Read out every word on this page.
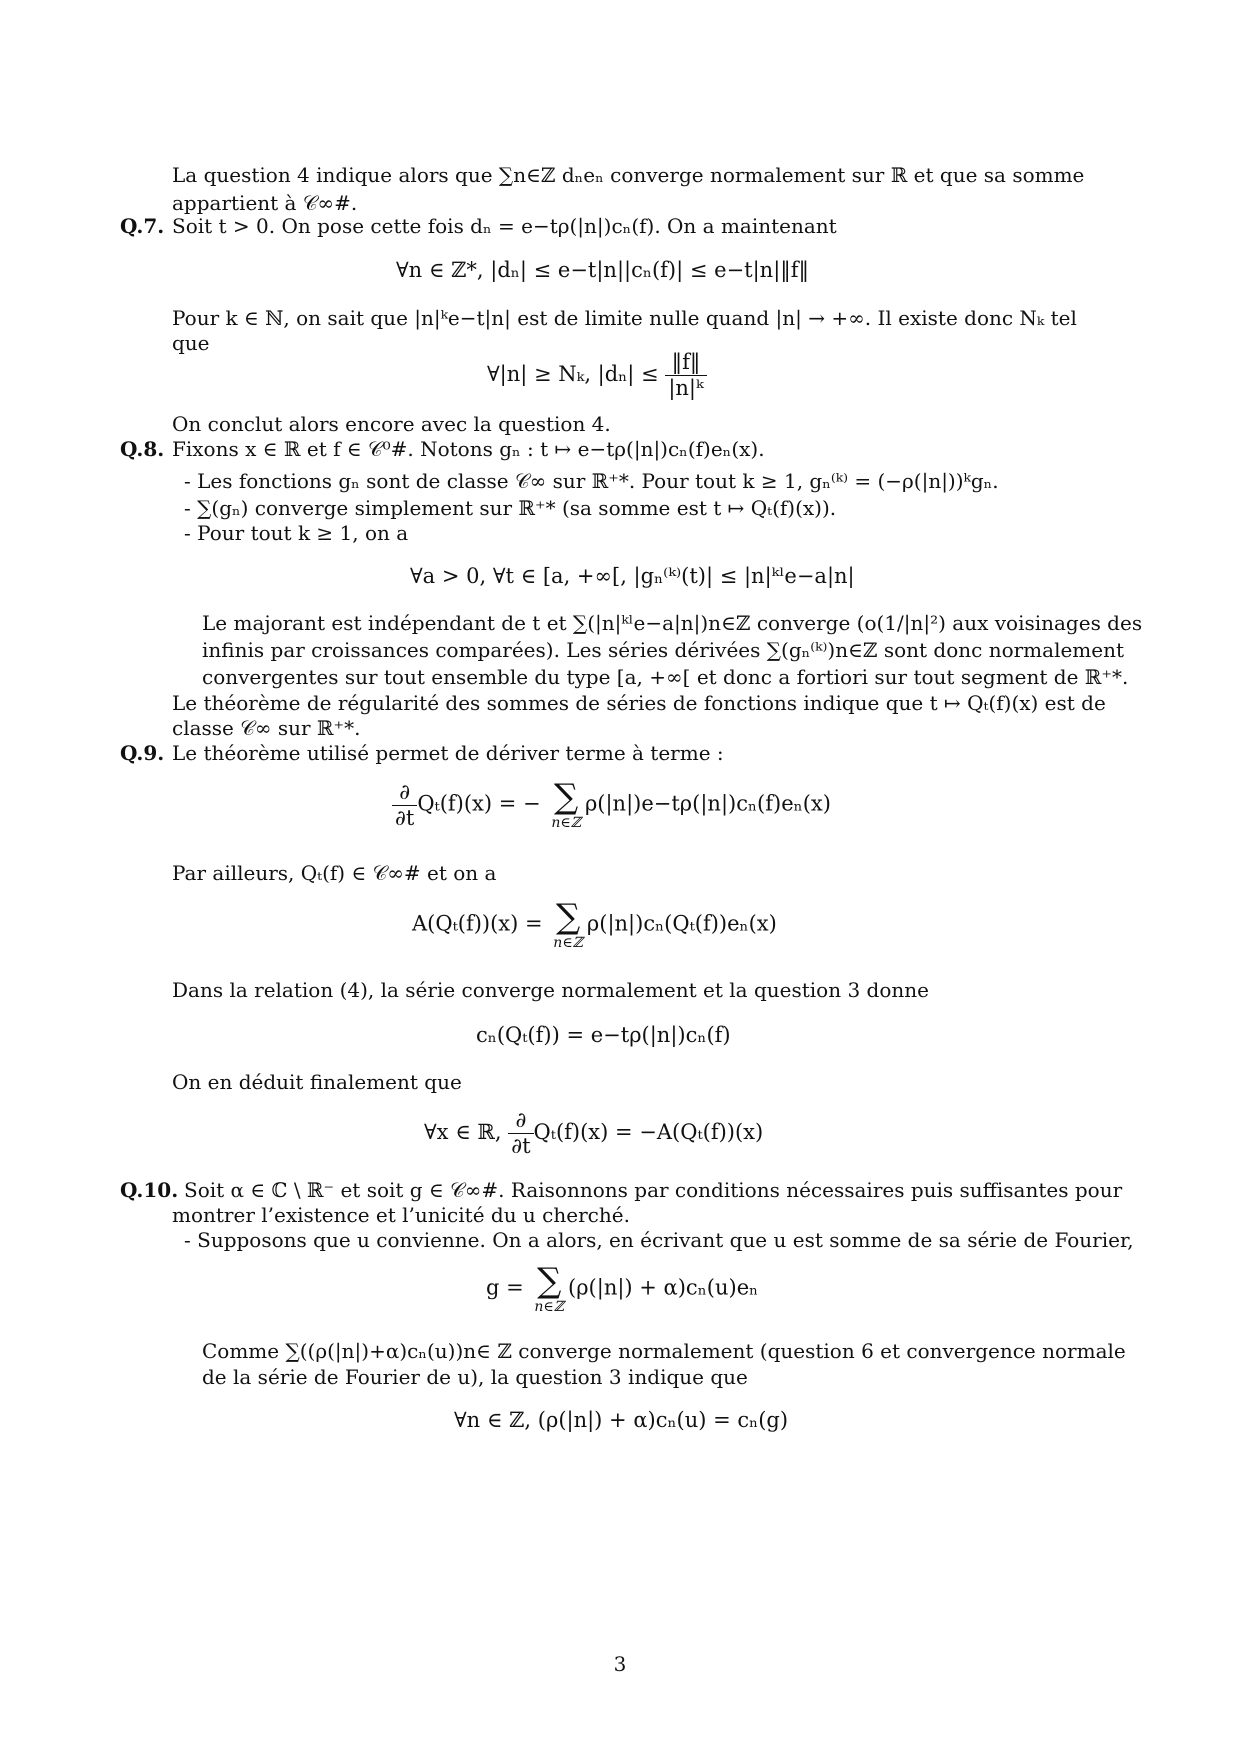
La question 4 indique alors que ∑n∈ℤ dₙeₙ converge normalement sur ℝ et que sa somme
appartient à 𝒞∞#.
Q.7. Soit t > 0. On pose cette fois dₙ = e−tρ(|n|)cₙ(f). On a maintenant
∀n ∈ ℤ*, |dₙ| ≤ e−t|n||cₙ(f)| ≤ e−t|n|‖f‖
Pour k ∈ ℕ, on sait que |n|ᵏe−t|n| est de limite nulle quand |n| → +∞. Il existe donc Nₖ tel
que
∀|n| ≥ Nₖ, $|d_n| \le \frac{‖f‖}{\text{|n|ᵏ}}$
On conclut alors encore avec la question 4.
Q.8. Fixons x ∈ ℝ et f ∈ 𝒞⁰#. Notons gₙ : t ↦ e−tρ(|n|)cₙ(f)eₙ(x).
- Les fonctions gₙ sont de classe 𝒞∞ sur ℝ⁺*. Pour tout k ≥ 1, gₙ⁽ᵏ⁾ = (−ρ(|n|))ᵏgₙ.
- ∑(gₙ) converge simplement sur ℝ⁺* (sa somme est t ↦ Qₜ(f)(x)).
- Pour tout k ≥ 1, on a
∀a > 0, ∀t ∈ [a, +∞[, |gₙ⁽ᵏ⁾(t)| ≤ |n|ᵏˡe−a|n|
Le majorant est indépendant de t et ∑(|n|ᵏˡe−a|n|)n∈ℤ converge (o(1/|n|²) aux voisinages des
infinis par croissances comparées). Les séries dérivées ∑(gₙ⁽ᵏ⁾)n∈ℤ sont donc normalement
convergentes sur tout ensemble du type [a, +∞[ et donc a fortiori sur tout segment de ℝ⁺*.
Le théorème de régularité des sommes de séries de fonctions indique que t ↦ Qₜ(f)(x) est de
classe 𝒞∞ sur ℝ⁺*.
Q.9. Le théorème utilisé permet de dériver terme à terme :
$\frac{\partial}{\partial t} Q_t(f)(x)$ = − ∑
n∈ℤ
ρ(|n|)e−tρ(|n|)cₙ(f)eₙ(x)
Par ailleurs, Qₜ(f) ∈ 𝒞∞# et on a
A(Qₜ(f))(x) = ∑
n∈ℤ
ρ(|n|)cₙ(Qₜ(f))eₙ(x)
Dans la relation (4), la série converge normalement et la question 3 donne
cₙ(Qₜ(f)) = e−tρ(|n|)cₙ(f)
On en déduit finalement que
∀x ∈ ℝ, $\frac{\partial}{\partial t} Q_t(f)(x) = -A(Q_t(f))(x)$
Q.10. Soit α ∈ ℂ \ ℝ⁻ et soit g ∈ 𝒞∞#. Raisonnons par conditions nécessaires puis suffisantes pour
montrer l’existence et l’unicité du u cherché.
- Supposons que u convienne. On a alors, en écrivant que u est somme de sa série de Fourier,
g = ∑
n∈ℤ
(ρ(|n|) + α)cₙ(u)eₙ
Comme ∑((ρ(|n|)+α)cₙ(u))n∈ ℤ converge normalement (question 6 et convergence normale
de la série de Fourier de u), la question 3 indique que
∀n ∈ ℤ, (ρ(|n|) + α)cₙ(u) = cₙ(g)
3
